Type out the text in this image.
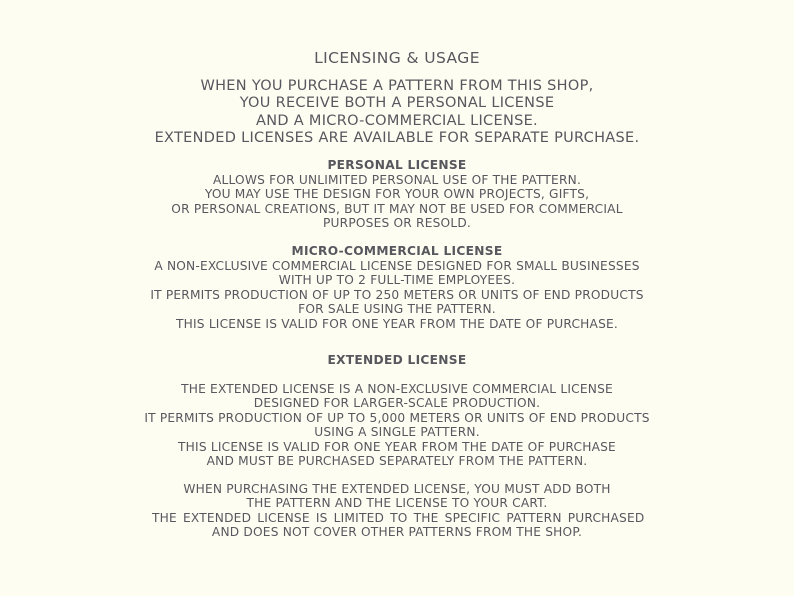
LICENSING & USAGE
WHEN YOU PURCHASE A PATTERN FROM THIS SHOP,
YOU RECEIVE BOTH A PERSONAL LICENSE
AND A MICRO-COMMERCIAL LICENSE.
EXTENDED LICENSES ARE AVAILABLE FOR SEPARATE PURCHASE.
PERSONAL LICENSE
ALLOWS FOR UNLIMITED PERSONAL USE OF THE PATTERN.
YOU MAY USE THE DESIGN FOR YOUR OWN PROJECTS, GIFTS,
OR PERSONAL CREATIONS, BUT IT MAY NOT BE USED FOR COMMERCIAL
PURPOSES OR RESOLD.
MICRO-COMMERCIAL LICENSE
A NON-EXCLUSIVE COMMERCIAL LICENSE DESIGNED FOR SMALL BUSINESSES
WITH UP TO 2 FULL-TIME EMPLOYEES.
IT PERMITS PRODUCTION OF UP TO 250 METERS OR UNITS OF END PRODUCTS
FOR SALE USING THE PATTERN.
THIS LICENSE IS VALID FOR ONE YEAR FROM THE DATE OF PURCHASE.
EXTENDED LICENSE
THE EXTENDED LICENSE IS A NON-EXCLUSIVE COMMERCIAL LICENSE
DESIGNED FOR LARGER-SCALE PRODUCTION.
IT PERMITS PRODUCTION OF UP TO 5,000 METERS OR UNITS OF END PRODUCTS
USING A SINGLE PATTERN.
THIS LICENSE IS VALID FOR ONE YEAR FROM THE DATE OF PURCHASE
AND MUST BE PURCHASED SEPARATELY FROM THE PATTERN.
WHEN PURCHASING THE EXTENDED LICENSE, YOU MUST ADD BOTH
THE PATTERN AND THE LICENSE TO YOUR CART.
THE EXTENDED LICENSE IS LIMITED TO THE SPECIFIC PATTERN PURCHASED
AND DOES NOT COVER OTHER PATTERNS FROM THE SHOP.
